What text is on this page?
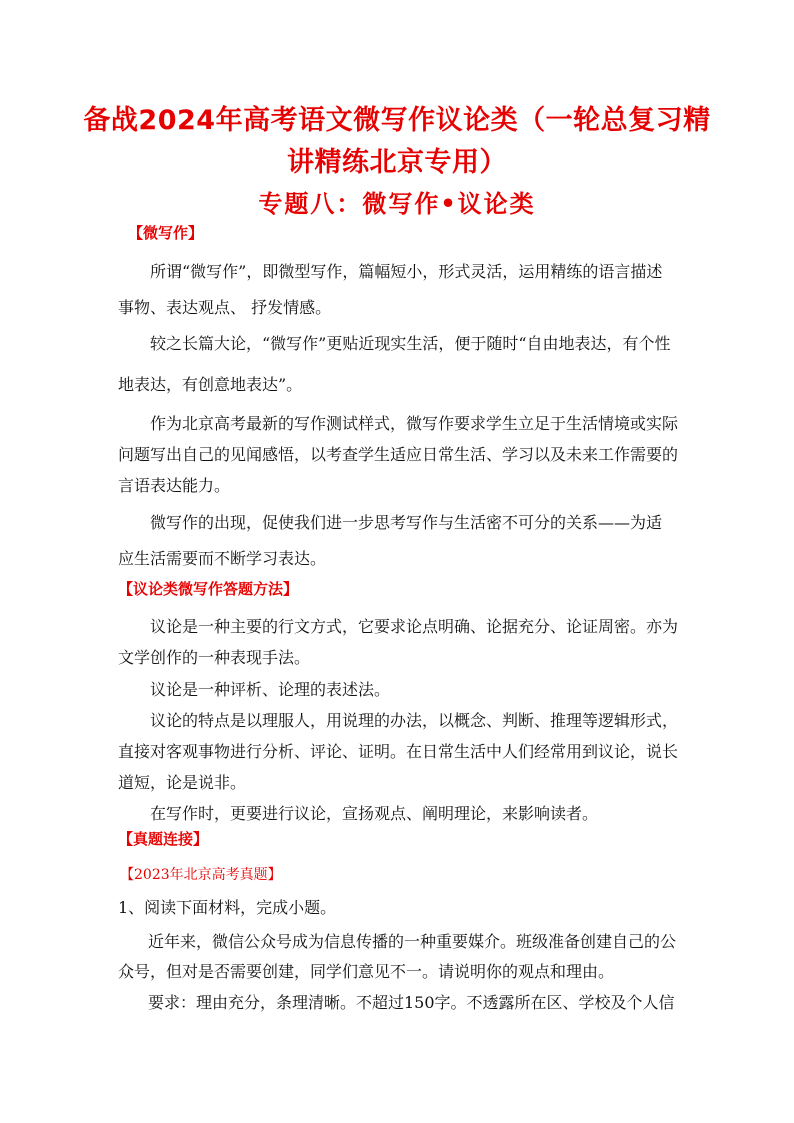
备战2024年高考语文微写作议论类（一轮总复习精
讲精练北京专用）
专题八：微写作•议论类
【微写作】
所谓“微写作”，即微型写作，篇幅短小，形式灵活，运用精练的语言描述
事物、表达观点、 抒发情感。
较之长篇大论，“微写作”更贴近现实生活，便于随时“自由地表达，有个性
地表达，有创意地表达”。
作为北京高考最新的写作测试样式，微写作要求学生立足于生活情境或实际
问题写出自己的见闻感悟，以考查学生适应日常生活、学习以及未来工作需要的
言语表达能力。
微写作的出现，促使我们进一步思考写作与生活密不可分的关系——为适
应生活需要而不断学习表达。
【议论类微写作答题方法】
议论是一种主要的行文方式，它要求论点明确、论据充分、论证周密。亦为
文学创作的一种表现手法。
议论是一种评析、论理的表述法。
议论的特点是以理服人，用说理的办法，以概念、判断、推理等逻辑形式，
直接对客观事物进行分析、评论、证明。在日常生活中人们经常用到议论，说长
道短，论是说非。
在写作时，更要进行议论，宣扬观点、阐明理论，来影响读者。
【真题连接】
【2023年北京高考真题】
1、阅读下面材料，完成小题。
近年来，微信公众号成为信息传播的一种重要媒介。班级准备创建自己的公
众号，但对是否需要创建，同学们意见不一。请说明你的观点和理由。
要求：理由充分，条理清晰。不超过150字。不透露所在区、学校及个人信
